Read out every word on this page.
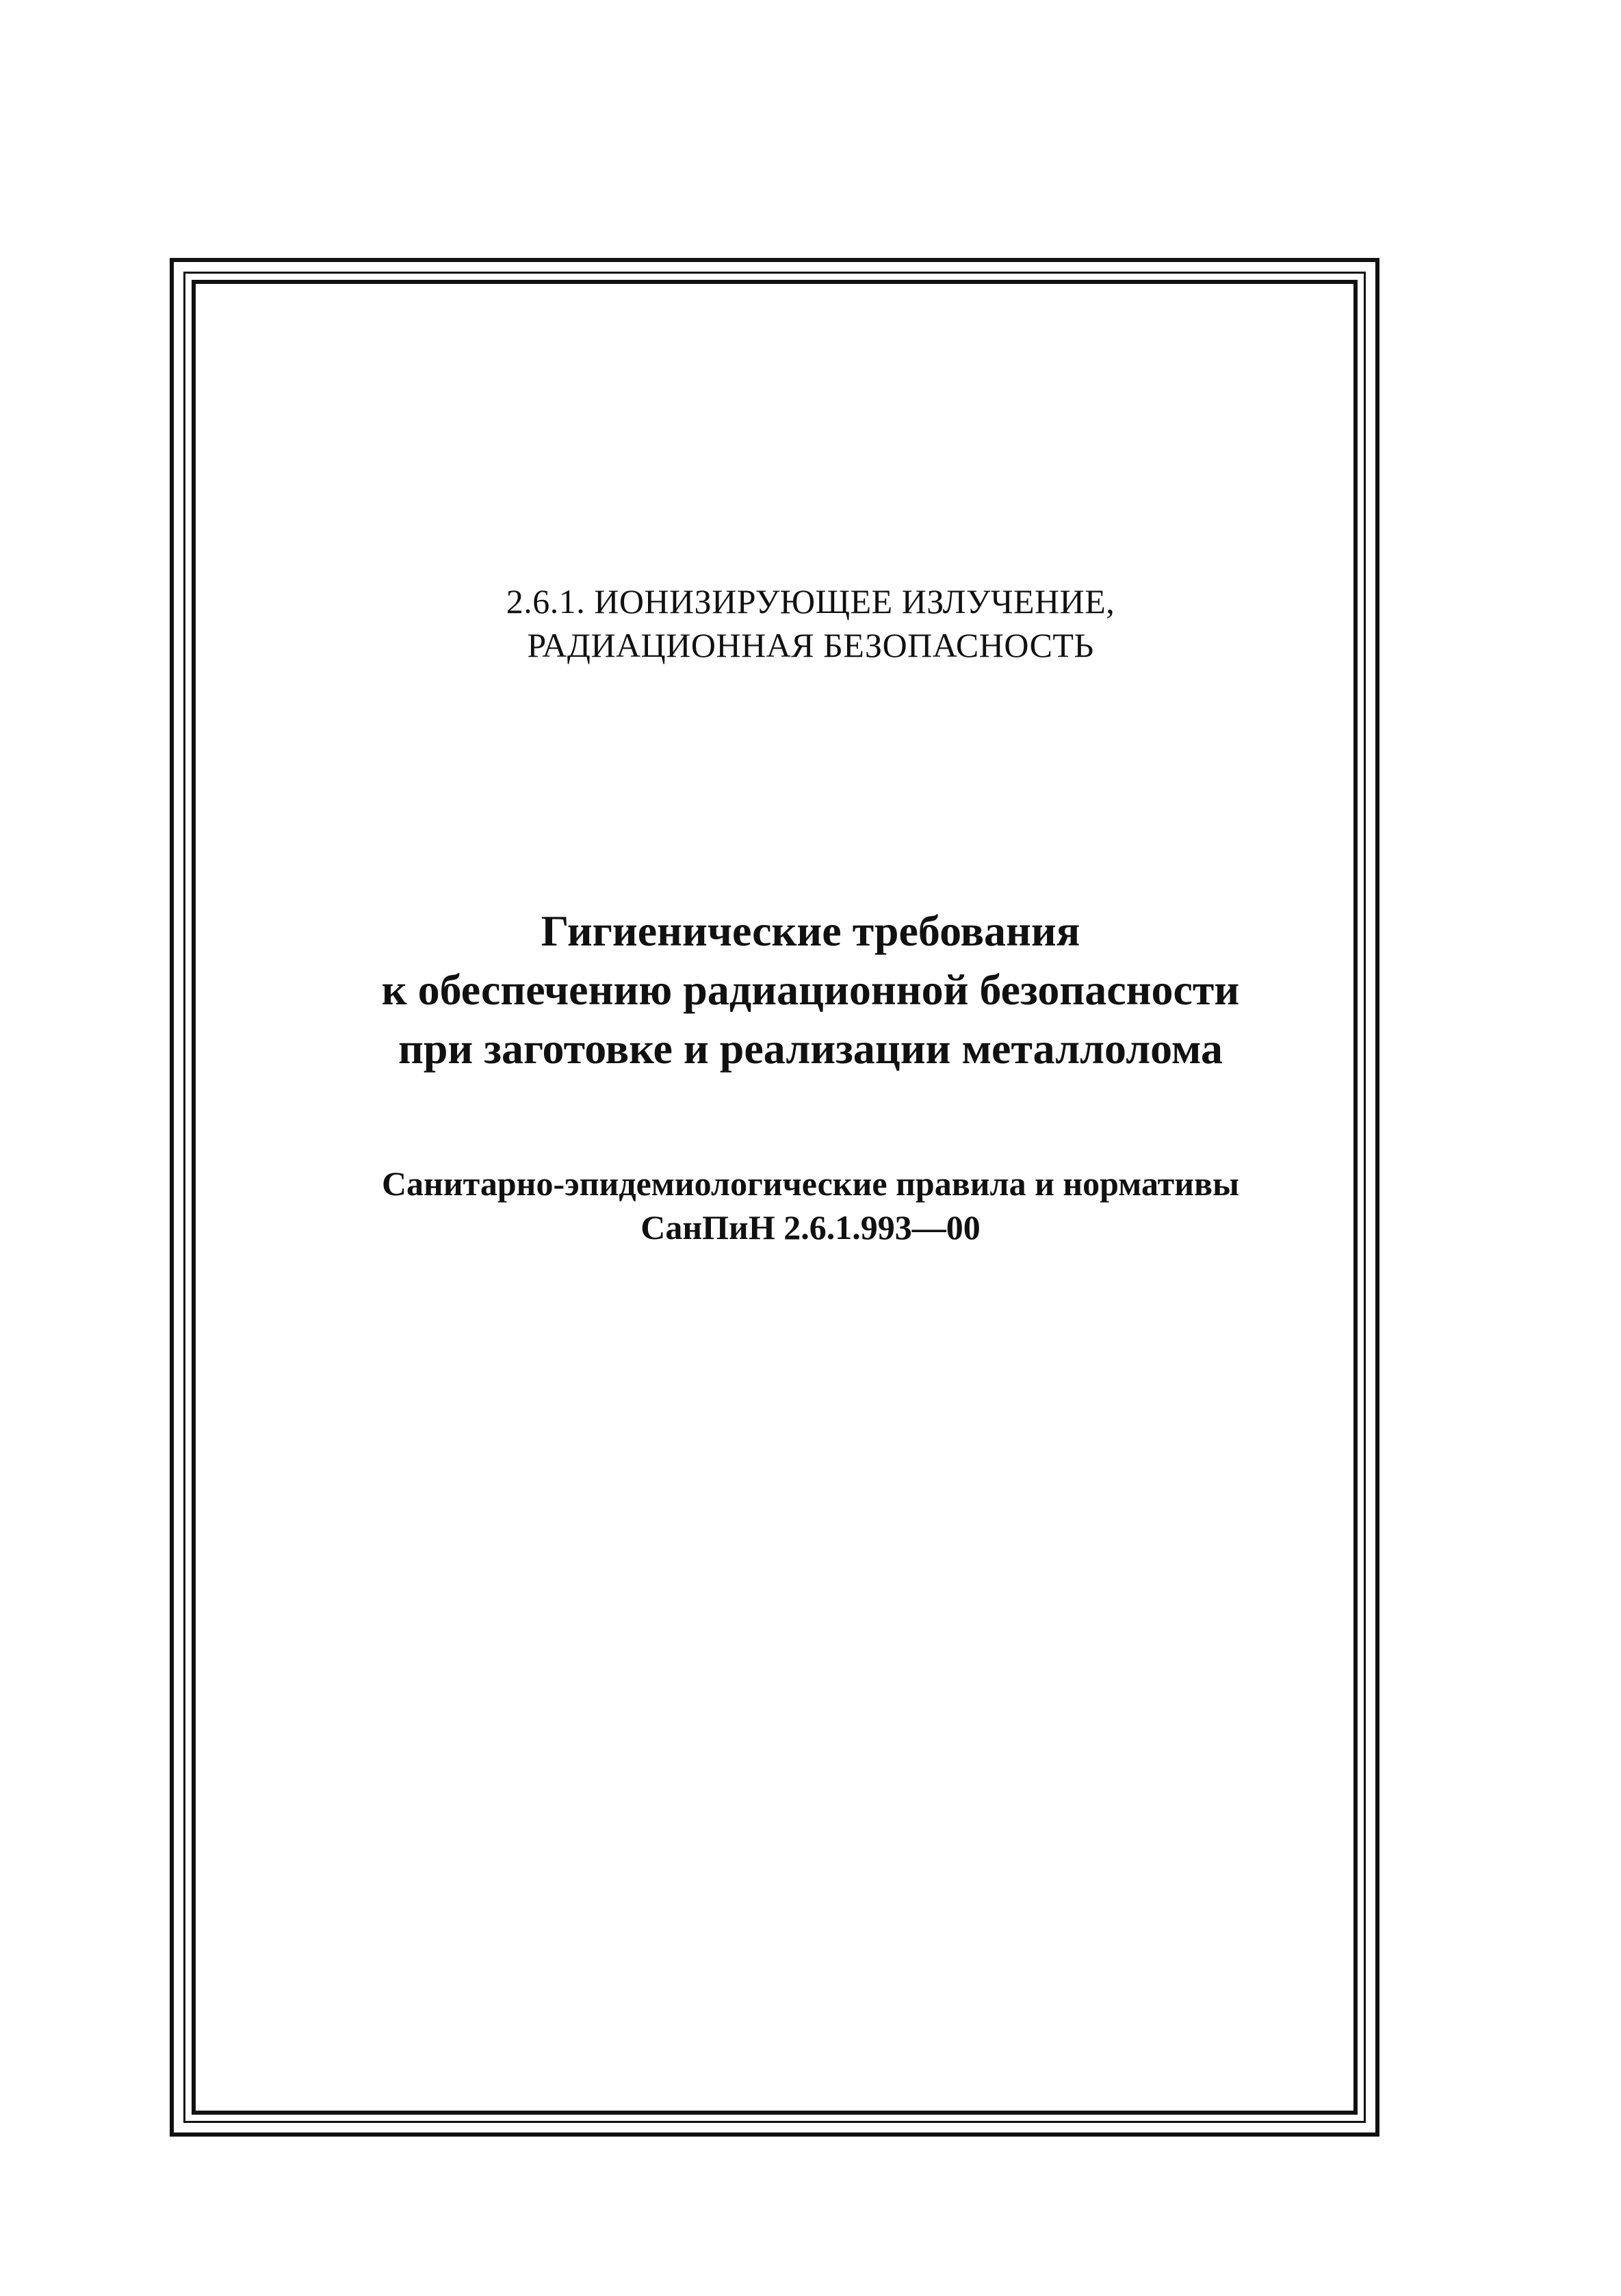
2.6.1. ИОНИЗИРУЮЩЕЕ ИЗЛУЧЕНИЕ,
РАДИАЦИОННАЯ БЕЗОПАСНОСТЬ
Гигиенические требования
к обеспечению радиационной безопасности
при заготовке и реализации металлолома
Санитарно-эпидемиологические правила и нормативы
СанПиН 2.6.1.993—00
